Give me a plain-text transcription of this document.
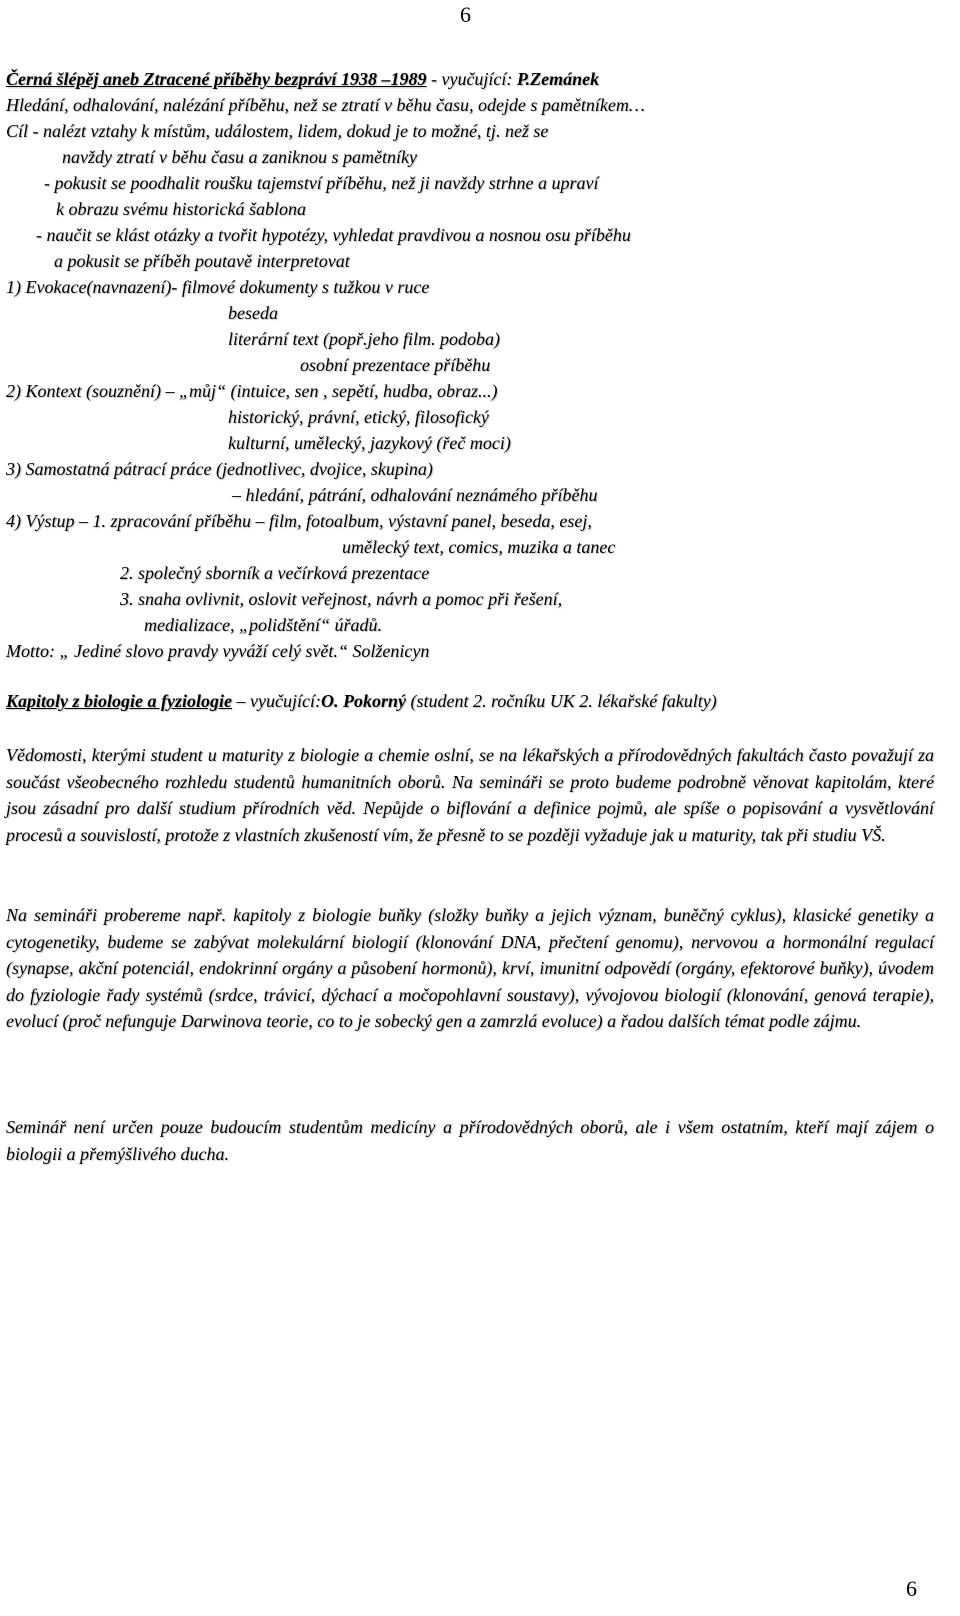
6
Černá šlépěj aneb Ztracené příběhy bezpráví 1938 –1989 - vyučující: P.Zemánek
Hledání, odhalování, nalézání příběhu, než se ztratí v běhu času, odejde s pamětníkem…
Cíl - nalézt vztahy k místům, událostem, lidem, dokud je to možné, tj. než se
navždy ztratí v běhu času a zaniknou s pamětníky
- pokusit se poodhalit roušku tajemství příběhu, než ji navždy strhne a upraví
k obrazu svému historická šablona
- naučit se klást otázky a tvořit hypotézy, vyhledat pravdivou a nosnou osu příběhu
a pokusit se příběh poutavě interpretovat
1) Evokace(navnazení)- filmové dokumenty s tužkou v ruce
beseda
literární text (popř.jeho film. podoba)
osobní prezentace příběhu
2) Kontext (souznění) – „můj“ (intuice, sen , sepětí, hudba, obraz...)
historický, právní, etický, filosofický
kulturní, umělecký, jazykový (řeč moci)
3) Samostatná pátrací práce (jednotlivec, dvojice, skupina)
– hledání, pátrání, odhalování neznámého příběhu
4) Výstup – 1. zpracování příběhu – film, fotoalbum, výstavní panel, beseda, esej,
umělecký text, comics, muzika a tanec
2. společný sborník a večírková prezentace
3. snaha ovlivnit, oslovit veřejnost, návrh a pomoc při řešení,
medializace, „polidštění“ úřadů.
Motto: „ Jediné slovo pravdy vyváží celý svět.“ Solženicyn
Kapitoly z biologie a fyziologie – vyučující:O. Pokorný (student 2. ročníku UK 2. lékařské fakulty)
Vědomosti, kterými student u maturity z biologie a chemie oslní, se na lékařských a přírodovědných fakultách často považují za součást všeobecného rozhledu studentů humanitních oborů. Na semináři se proto budeme podrobně věnovat kapitolám, které jsou zásadní pro další studium přírodních věd. Nepůjde o biflování a definice pojmů, ale spíše o popisování a vysvětlování procesů a souvislostí, protože z vlastních zkušeností vím, že přesně to se později vyžaduje jak u maturity, tak při studiu VŠ.
Na semináři probereme např. kapitoly z biologie buňky (složky buňky a jejich význam, buněčný cyklus), klasické genetiky a cytogenetiky, budeme se zabývat molekulární biologií (klonování DNA, přečtení genomu), nervovou a hormonální regulací (synapse, akční potenciál, endokrinní orgány a působení hormonů), krví, imunitní odpovědí (orgány, efektorové buňky), úvodem do fyziologie řady systémů (srdce, trávicí, dýchací a močopohlavní soustavy), vývojovou biologií (klonování, genová terapie), evolucí (proč nefunguje Darwinova teorie, co to je sobecký gen a zamrzlá evoluce) a řadou dalších témat podle zájmu.
Seminář není určen pouze budoucím studentům medicíny a přírodovědných oborů, ale i všem ostatním, kteří mají zájem o biologii a přemýšlivého ducha.
6
